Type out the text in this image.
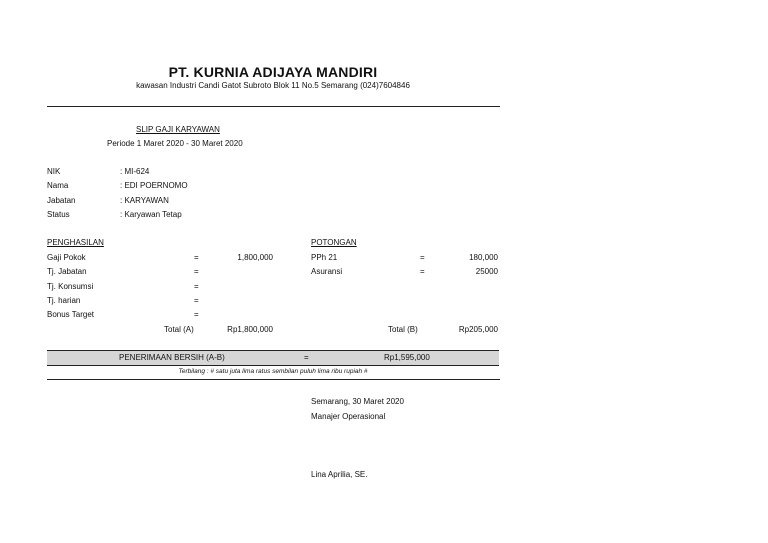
PT. KURNIA ADIJAYA MANDIRI
kawasan Industri Candi Gatot Subroto Blok 11 No.5 Semarang (024)7604846
SLIP GAJI KARYAWAN
Periode 1 Maret 2020 - 30 Maret 2020
NIK	: MI-624
Nama	: EDI POERNOMO
Jabatan	: KARYAWAN
Status	: Karyawan Tetap
PENGHASILAN
Gaji Pokok	=	1,800,000
Tj. Jabatan	=
Tj. Konsumsi	=
Tj. harian	=
Bonus Target	=
Total (A)	Rp1,800,000
POTONGAN
PPh 21	=	180,000
Asuransi	=	25000
Total (B)	Rp205,000
PENERIMAAN BERSIH (A-B)	=	Rp1,595,000
Terbilang : # satu juta lima ratus sembilan puluh lima ribu rupiah #
Semarang, 30 Maret 2020
Manajer Operasional
Lina Aprilia, SE.
